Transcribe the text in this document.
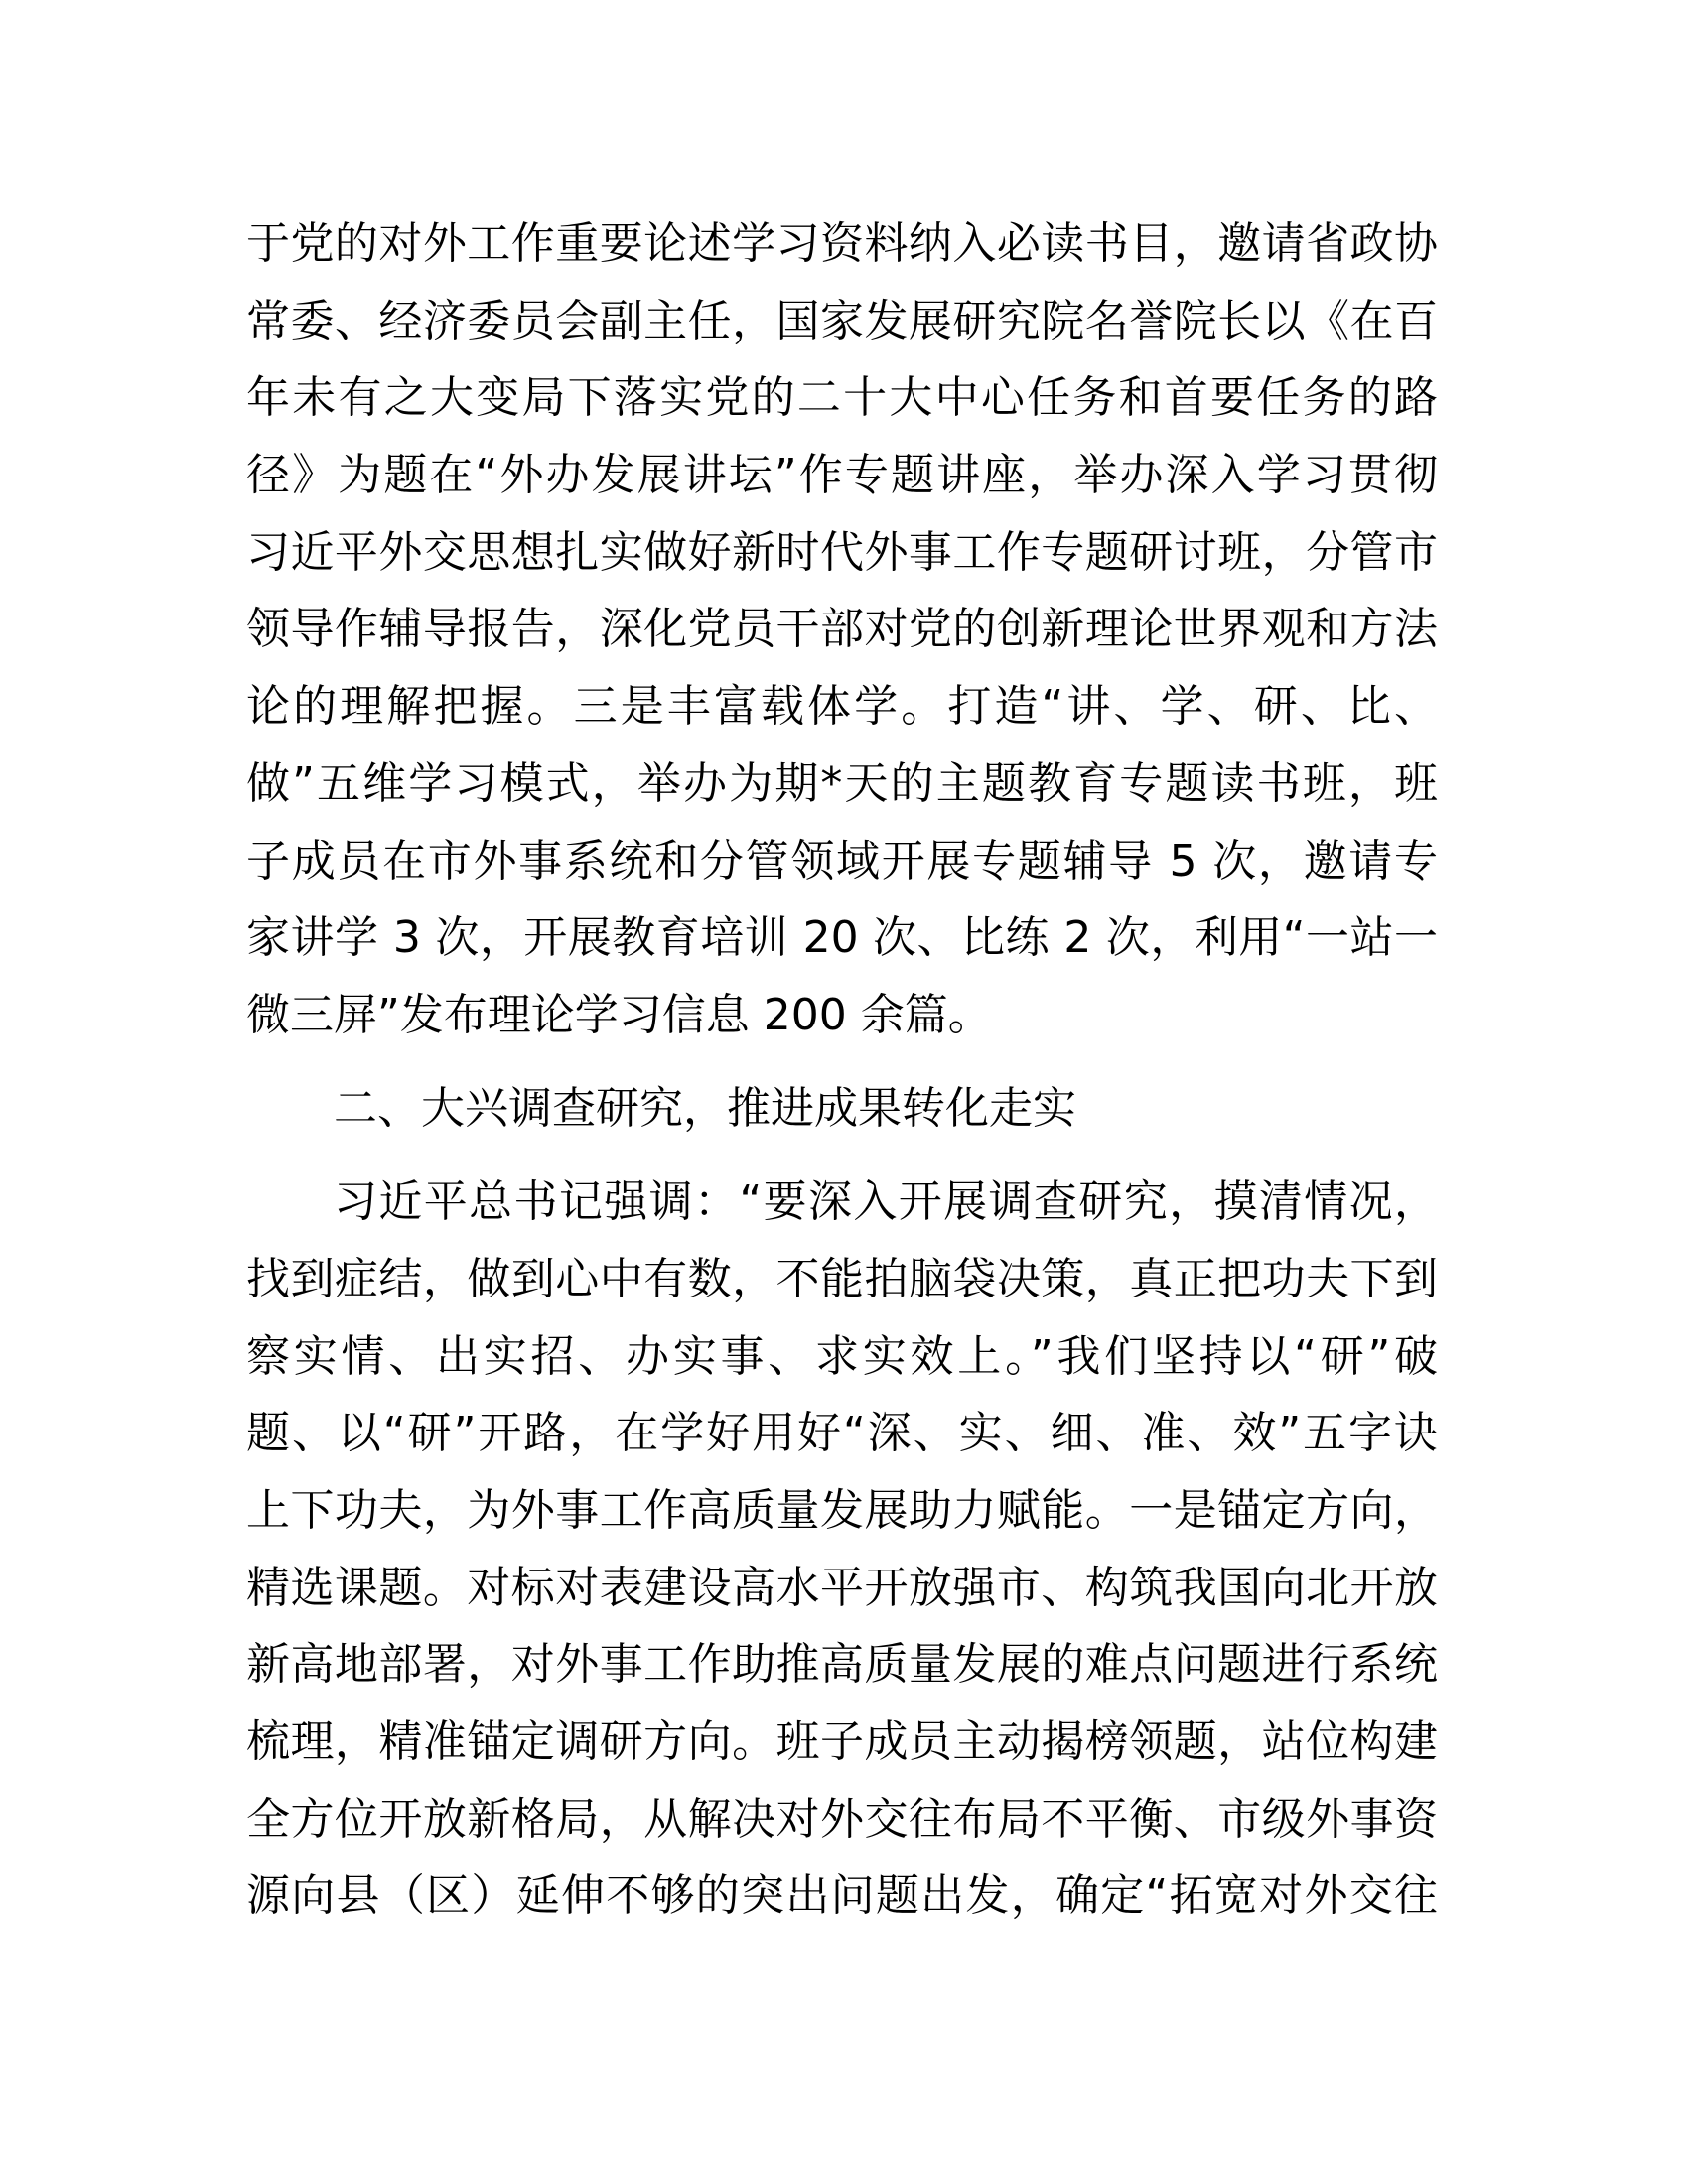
于党的对外工作重要论述学习资料纳入必读书目，邀请省政协
常委、经济委员会副主任，国家发展研究院名誉院长以《在百
年未有之大变局下落实党的二十大中心任务和首要任务的路
径》为题在“外办发展讲坛”作专题讲座，举办深入学习贯彻
习近平外交思想扎实做好新时代外事工作专题研讨班，分管市
领导作辅导报告，深化党员干部对党的创新理论世界观和方法
论的理解把握。三是丰富载体学。打造“讲、学、研、比、
做”五维学习模式，举办为期*天的主题教育专题读书班，班
子成员在市外事系统和分管领域开展专题辅导 5 次，邀请专
家讲学 3 次，开展教育培训 20 次、比练 2 次，利用“一站一
微三屏”发布理论学习信息 200 余篇。
二、大兴调查研究，推进成果转化走实
习近平总书记强调：“要深入开展调查研究，摸清情况，
找到症结，做到心中有数，不能拍脑袋决策，真正把功夫下到
察实情、出实招、办实事、求实效上。”我们坚持以“研”破
题、以“研”开路，在学好用好“深、实、细、准、效”五字诀
上下功夫，为外事工作高质量发展助力赋能。一是锚定方向，
精选课题。对标对表建设高水平开放强市、构筑我国向北开放
新高地部署，对外事工作助推高质量发展的难点问题进行系统
梳理，精准锚定调研方向。班子成员主动揭榜领题，站位构建
全方位开放新格局，从解决对外交往布局不平衡、市级外事资
源向县（区）延伸不够的突出问题出发，确定“拓宽对外交往
